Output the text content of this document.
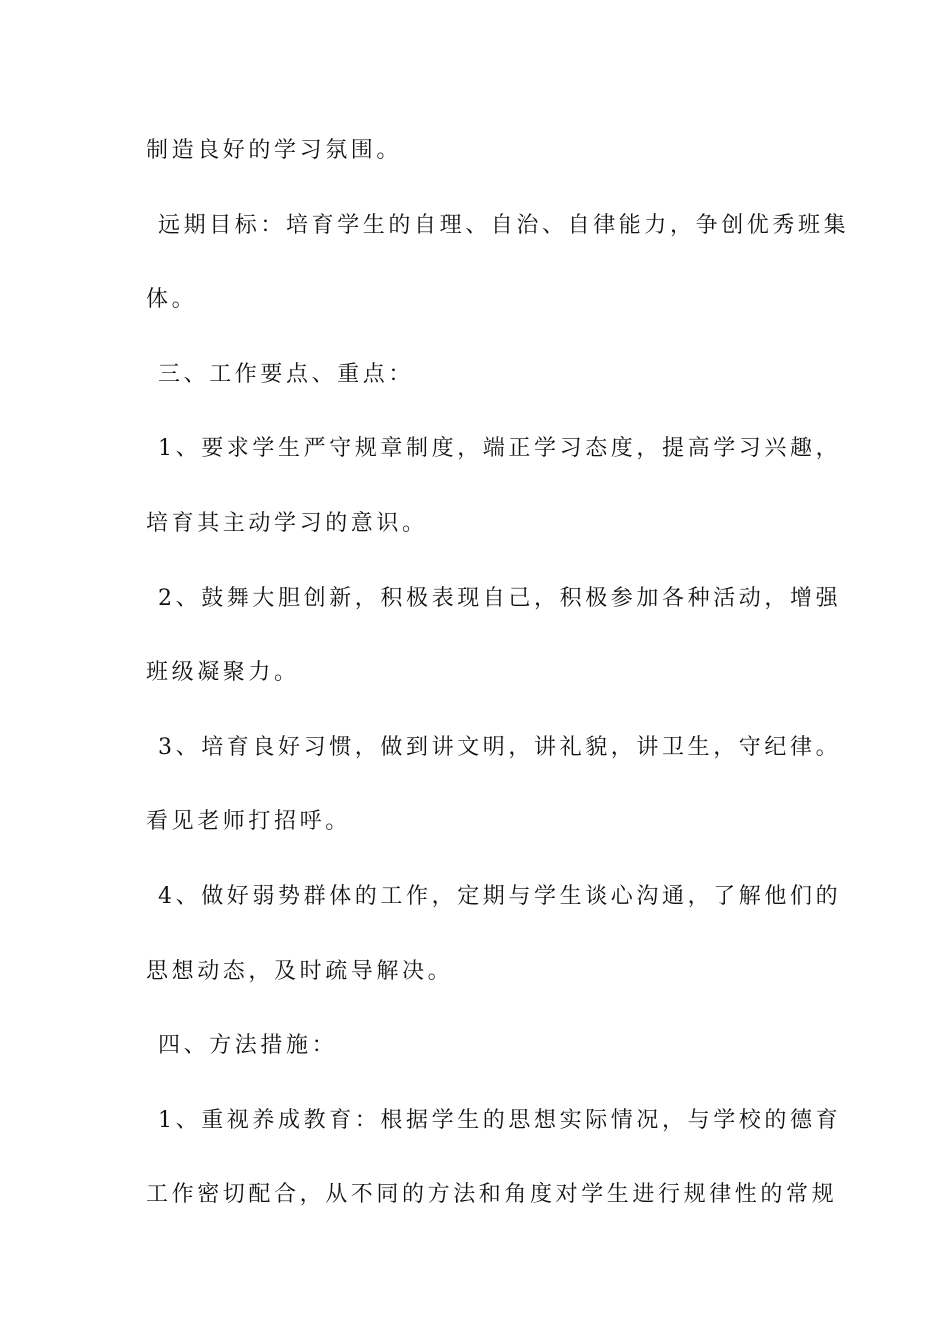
制造良好的学习氛围。
远期目标：培育学生的自理、自治、自律能力，争创优秀班集
体。
三、工作要点、重点：
1、要求学生严守规章制度，端正学习态度，提高学习兴趣，
培育其主动学习的意识。
2、鼓舞大胆创新，积极表现自己，积极参加各种活动，增强
班级凝聚力。
3、培育良好习惯，做到讲文明，讲礼貌，讲卫生，守纪律。
看见老师打招呼。
4、做好弱势群体的工作，定期与学生谈心沟通，了解他们的
思想动态，及时疏导解决。
四、方法措施：
1、重视养成教育：根据学生的思想实际情况，与学校的德育
工作密切配合，从不同的方法和角度对学生进行规律性的常规
